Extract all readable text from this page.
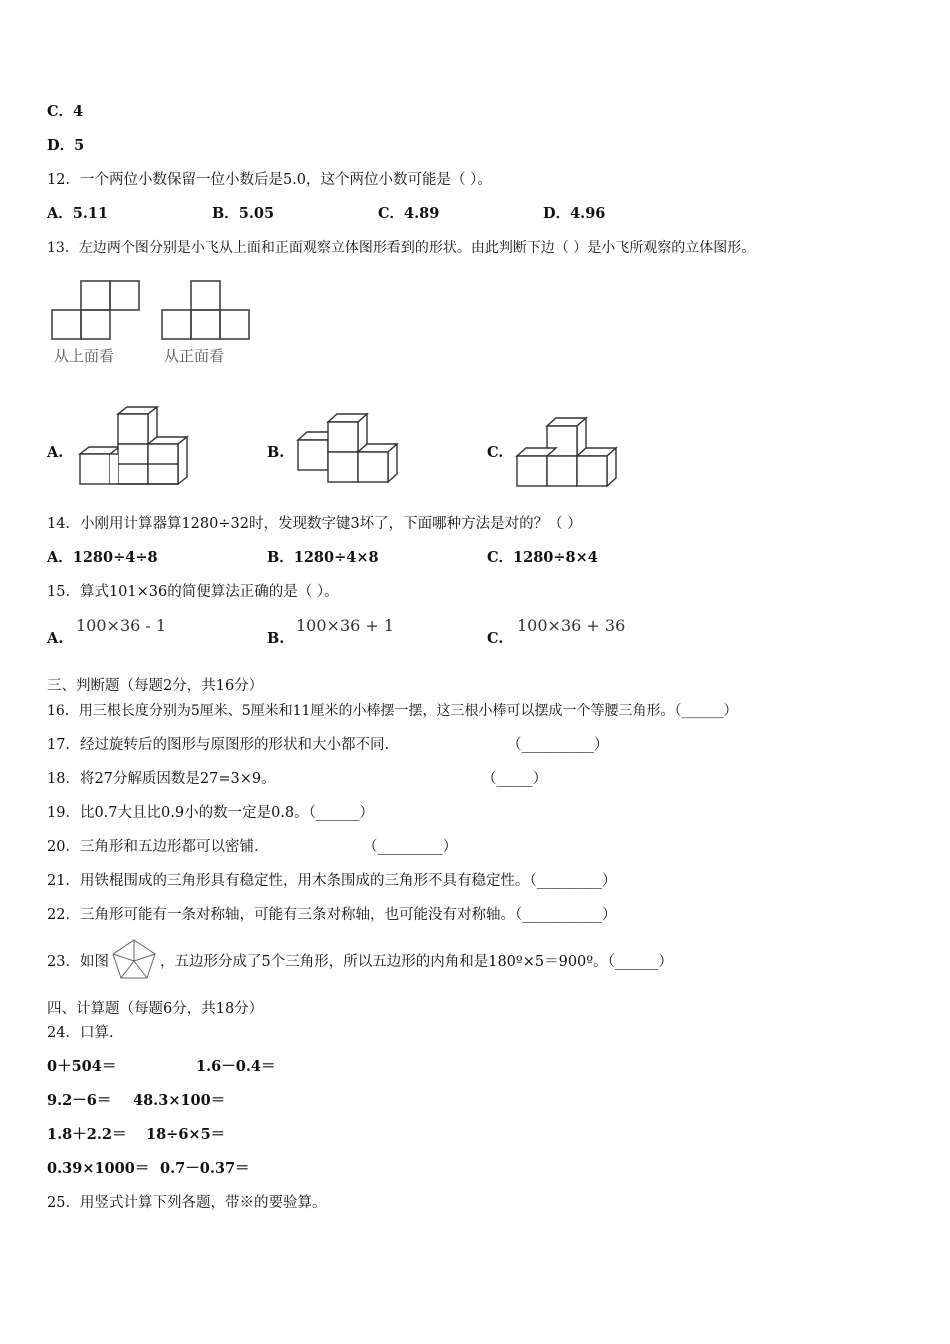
C．4
D．5
12．一个两位小数保留一位小数后是5.0，这个两位小数可能是（ ）。
A．5.11	B．5.05	C．4.89	D．4.96
13．左边两个图分别是小飞从上面和正面观察立体图形看到的形状。由此判断下边（ ）是小飞所观察的立体图形。
从上面看	从正面看
A.	B.	C.
14．小刚用计算器算1280÷32时，发现数字键3坏了，下面哪种方法是对的？（ ）
A．1280÷4÷8	B．1280÷4×8	C．1280÷8×4
15．算式101×36的简便算法正确的是（ ）。
A.
100×36 - 1
B.
100×36 + 1
C.
100×36 + 36
三、判断题（每题2分，共16分）
16．用三根长度分别为5厘米、5厘米和11厘米的小棒摆一摆，这三根小棒可以摆成一个等腰三角形。（______）
17．经过旋转后的图形与原图形的形状和大小都不同.	（__________）
18．将27分解质因数是27=3×9。	（_____）
19．比0.7大且比0.9小的数一定是0.8。（______）
20．三角形和五边形都可以密铺.	（_________）
21．用铁棍围成的三角形具有稳定性，用木条围成的三角形不具有稳定性。（_________）
22．三角形可能有一条对称轴，可能有三条对称轴，也可能没有对称轴。（___________）
23．如图	，五边形分成了5个三角形，所以五边形的内角和是180º×5＝900º。（______）
四、计算题（每题6分，共18分）
24．口算.
0＋504＝	1.6－0.4＝
9.2－6＝ 48.3×100＝
1.8＋2.2＝ 18÷6×5＝
0.39×1000＝ 0.7－0.37＝
25．用竖式计算下列各题，带※的要验算。
